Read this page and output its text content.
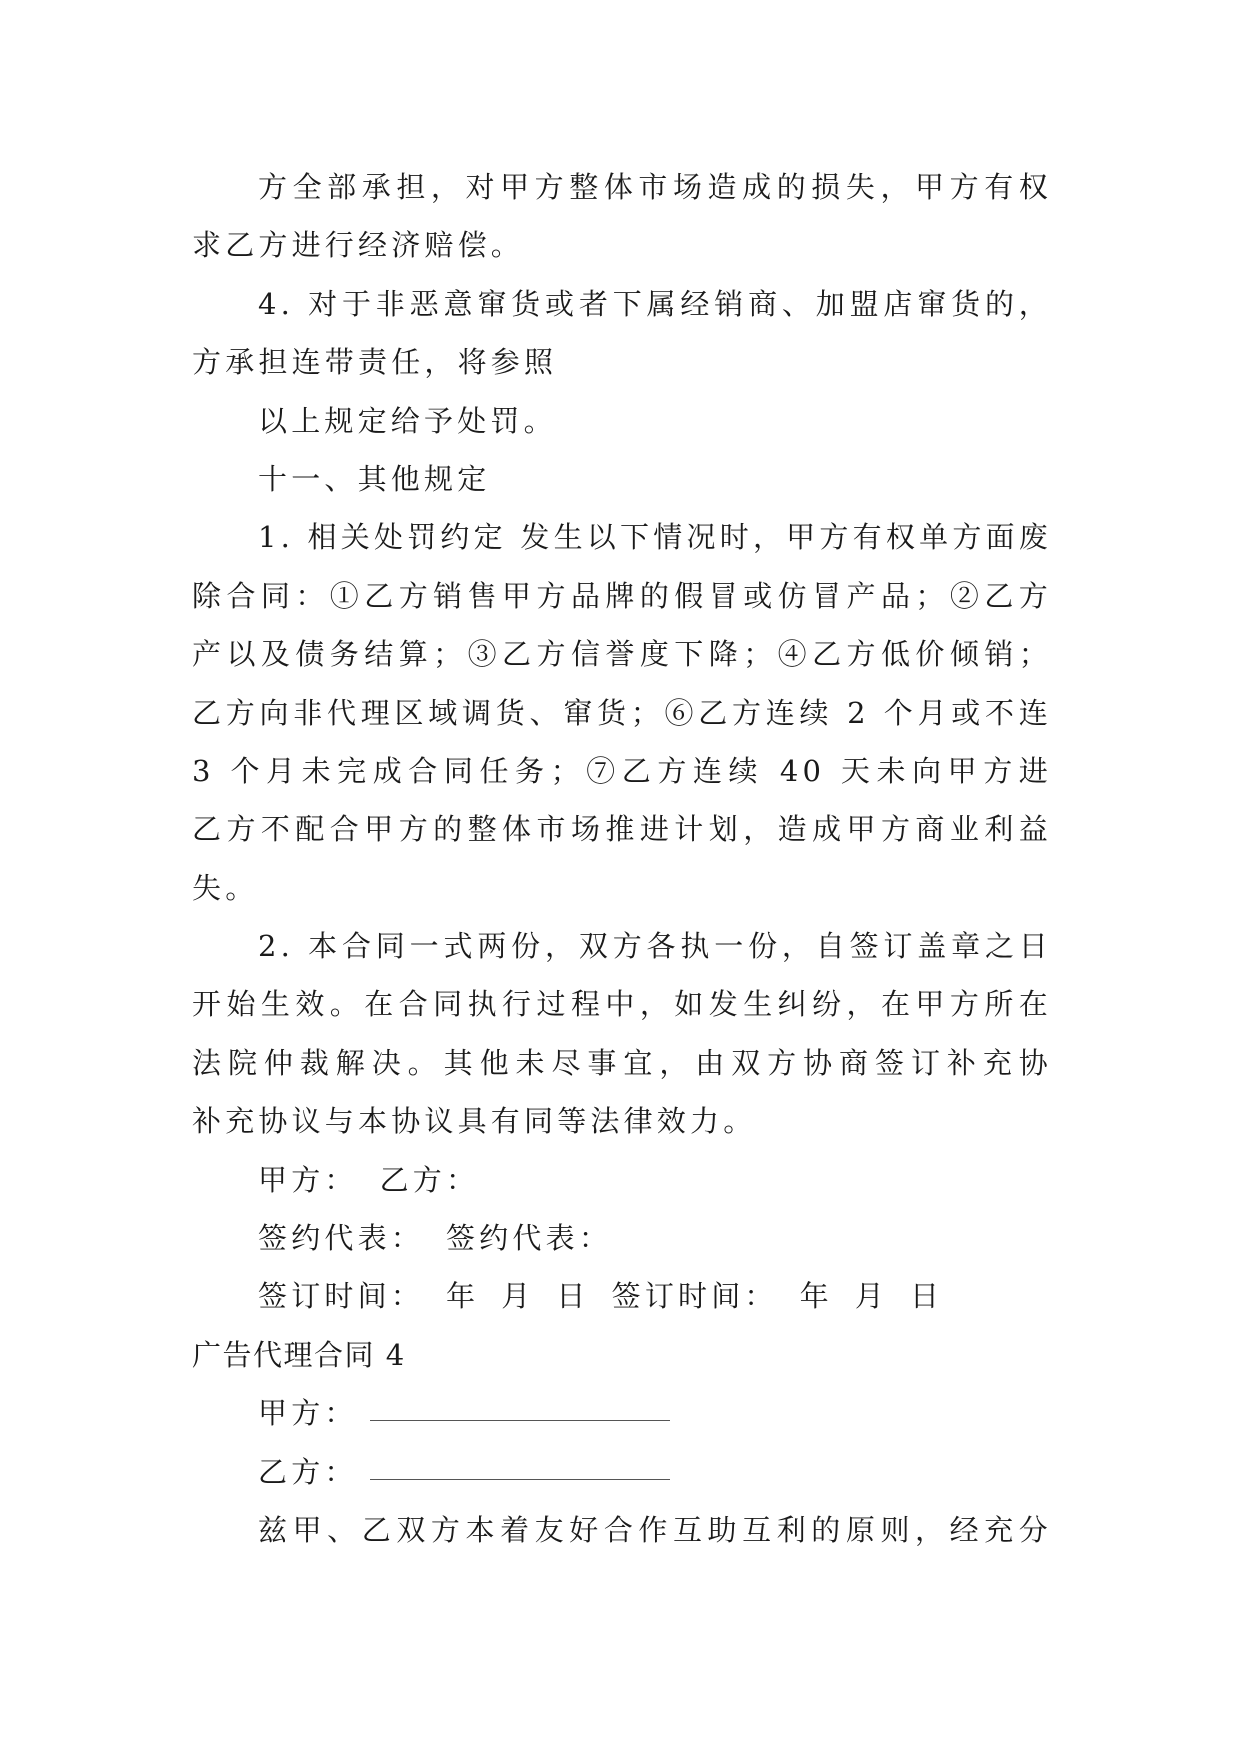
方全部承担，对甲方整体市场造成的损失，甲方有权
求乙方进行经济赔偿。
4. 对于非恶意窜货或者下属经销商、加盟店窜货的，
方承担连带责任，将参照
以上规定给予处罚。
十一、其他规定
1. 相关处罚约定 发生以下情况时，甲方有权单方面废
除合同：①乙方销售甲方品牌的假冒或仿冒产品；②乙方
产以及债务结算；③乙方信誉度下降；④乙方低价倾销；
乙方向非代理区域调货、窜货；⑥乙方连续 2 个月或不连
3 个月未完成合同任务；⑦乙方连续 40 天未向甲方进
乙方不配合甲方的整体市场推进计划，造成甲方商业利益
失。
2. 本合同一式两份，双方各执一份，自签订盖章之日
开始生效。在合同执行过程中，如发生纠纷，在甲方所在
法院仲裁解决。其他未尽事宜，由双方协商签订补充协
补充协议与本协议具有同等法律效力。
甲方： 乙方：
签约代表： 签约代表：
签订时间： 年 月 日 签订时间： 年 月 日
广告代理合同 4
甲方：
乙方：
兹甲、乙双方本着友好合作互助互利的原则，经充分
